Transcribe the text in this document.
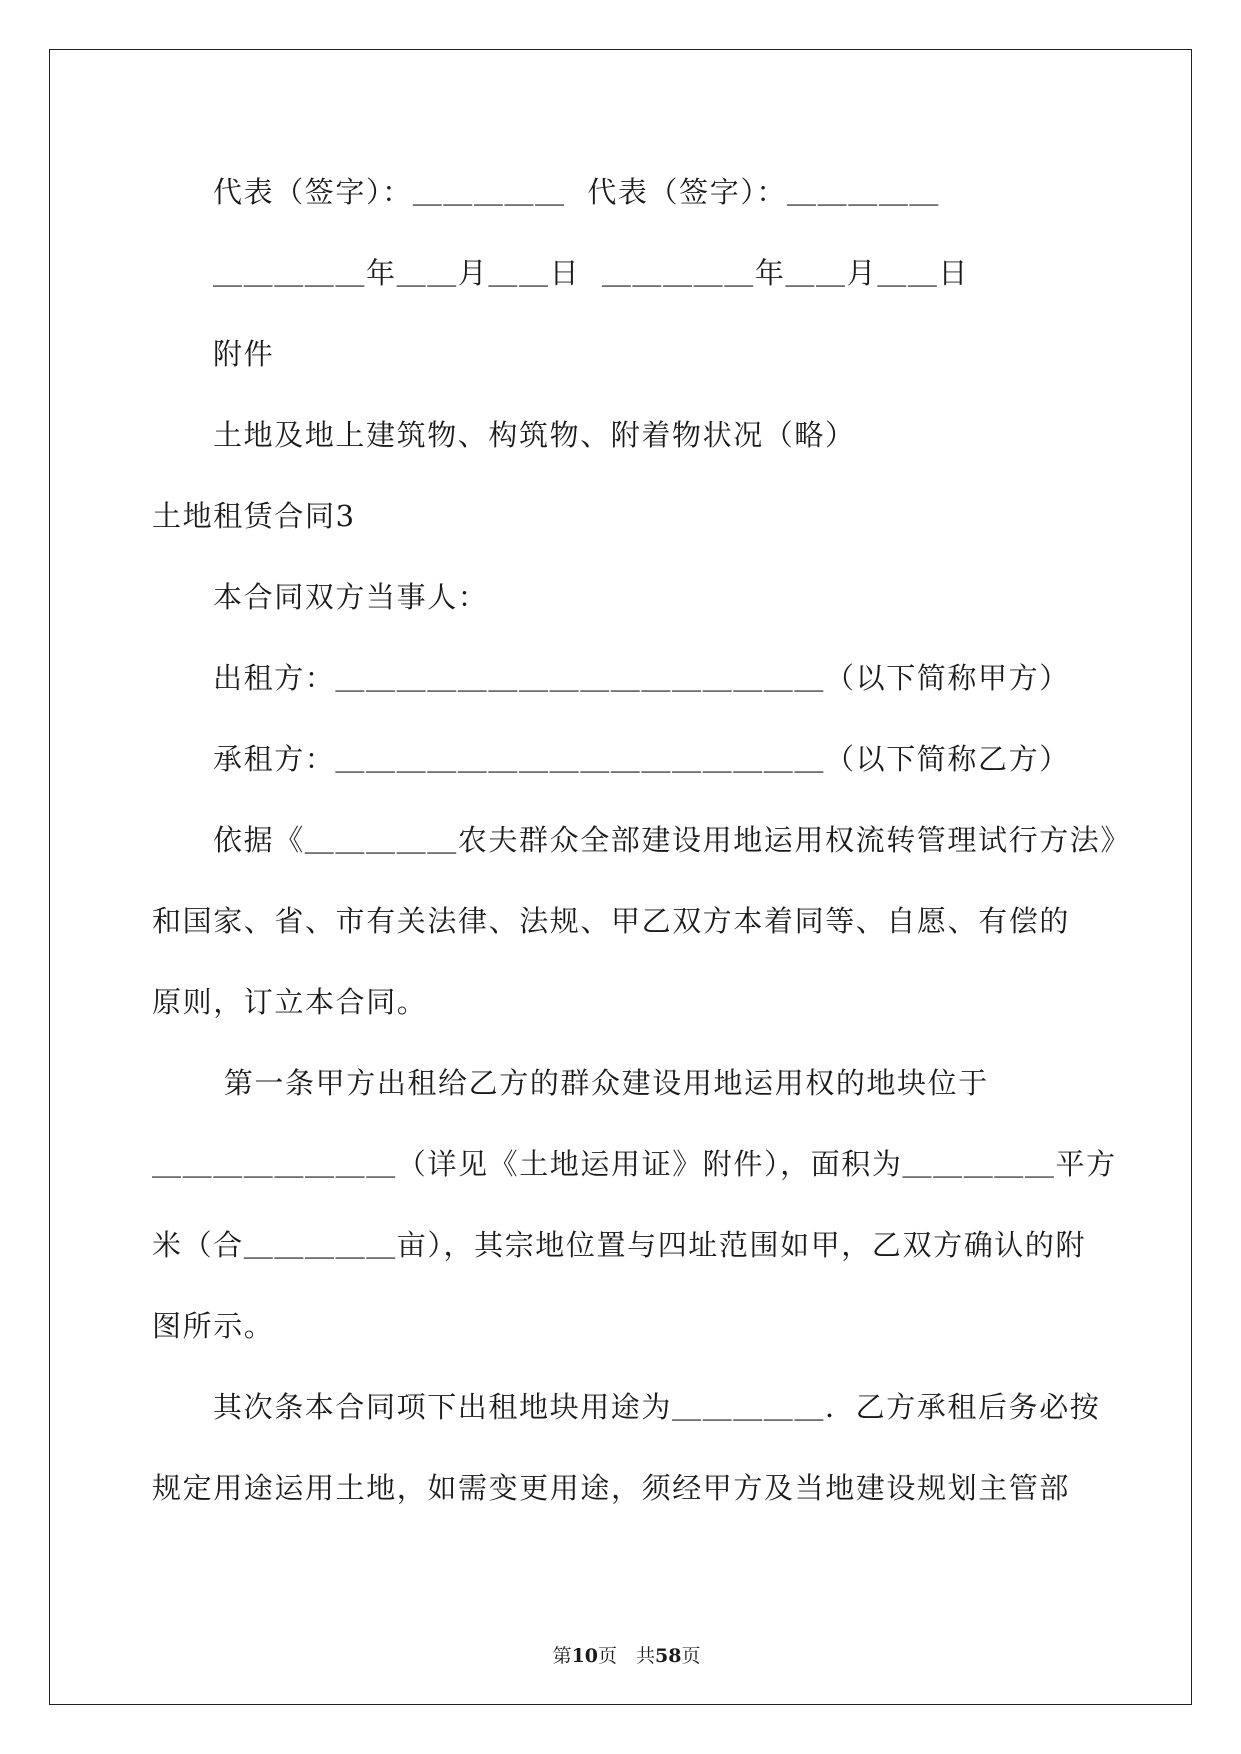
代表（签字）：＿＿＿＿＿  代表（签字）：＿＿＿＿＿
＿＿＿＿＿年＿＿月＿＿日  ＿＿＿＿＿年＿＿月＿＿日
附件
土地及地上建筑物、构筑物、附着物状况（略）
土地租赁合同3
本合同双方当事人：
出租方：＿＿＿＿＿＿＿＿＿＿＿＿＿＿＿＿（以下简称甲方）
承租方：＿＿＿＿＿＿＿＿＿＿＿＿＿＿＿＿（以下简称乙方）
依据《＿＿＿＿＿农夫群众全部建设用地运用权流转管理试行方法》
和国家、省、市有关法律、法规、甲乙双方本着同等、自愿、有偿的
原则，订立本合同。
第一条甲方出租给乙方的群众建设用地运用权的地块位于
＿＿＿＿＿＿＿＿（详见《土地运用证》附件），面积为＿＿＿＿＿平方
米（合＿＿＿＿＿亩），其宗地位置与四址范围如甲，乙双方确认的附
图所示。
其次条本合同项下出租地块用途为＿＿＿＿＿．乙方承租后务必按
规定用途运用土地，如需变更用途，须经甲方及当地建设规划主管部

第10页　共58页
